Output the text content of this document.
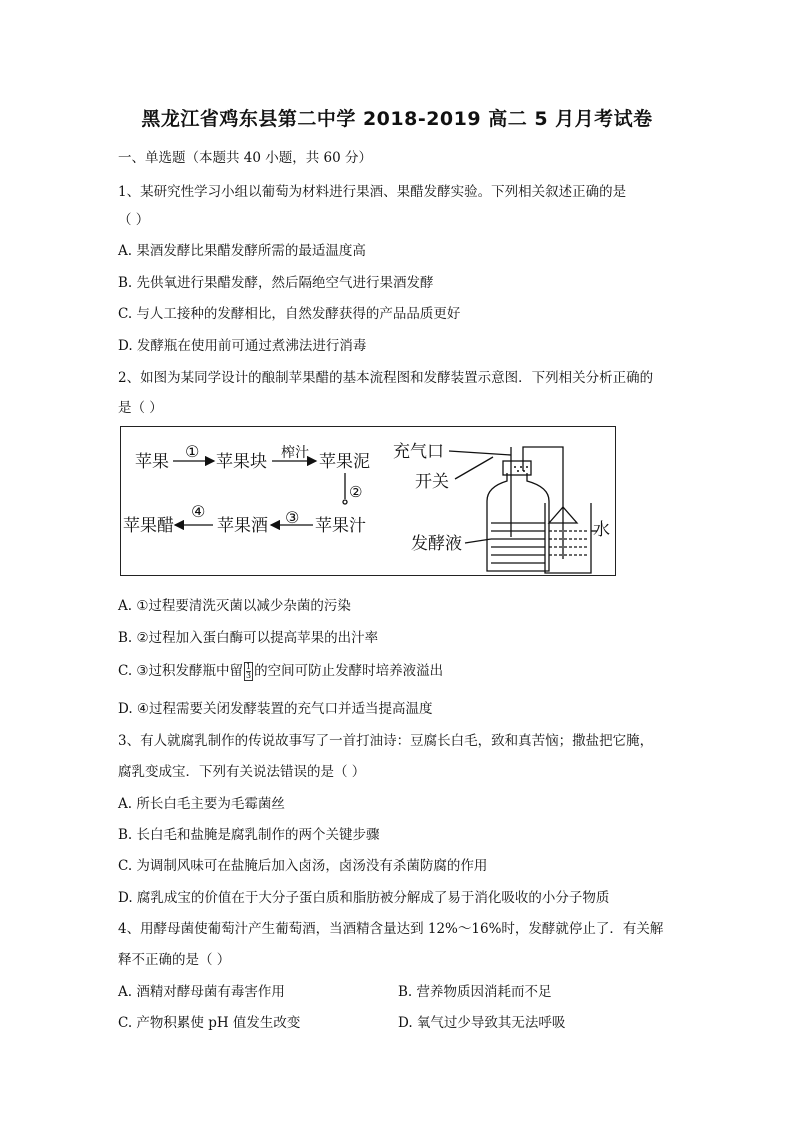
黑龙江省鸡东县第二中学 2018-2019 高二 5 月月考试卷
一、单选题（本题共 40 小题，共 60 分）
1、某研究性学习小组以葡萄为材料进行果酒、果醋发酵实验。下列相关叙述正确的是
（ ）
A. 果酒发酵比果醋发酵所需的最适温度高
B. 先供氧进行果醋发酵，然后隔绝空气进行果酒发酵
C. 与人工接种的发酵相比，自然发酵获得的产品品质更好
D. 发酵瓶在使用前可通过煮沸法进行消毒
2、如图为某同学设计的酿制苹果醋的基本流程图和发酵装置示意图．下列相关分析正确的
是（ ）
苹果	苹果块 榨汁 苹果泥
苹果汁
苹果酒
苹果醋
①
②
③
④
充气口
开关
发酵液
水
A. ①过程要清洗灭菌以减少杂菌的污染
B. ②过程加入蛋白酶可以提高苹果的出汁率
C. ③过积发酵瓶中留 $\frac{1}{3}$ 的空间可防止发酵时培养液溢出
D. ④过程需要关闭发酵装置的充气口并适当提高温度
3、有人就腐乳制作的传说故事写了一首打油诗：豆腐长白毛，致和真苦恼；撒盐把它腌，
腐乳变成宝．下列有关说法错误的是（ ）
A. 所长白毛主要为毛霉菌丝
B. 长白毛和盐腌是腐乳制作的两个关键步骤
C. 为调制风味可在盐腌后加入卤汤，卤汤没有杀菌防腐的作用
D. 腐乳成宝的价值在于大分子蛋白质和脂肪被分解成了易于消化吸收的小分子物质
4、用酵母菌使葡萄汁产生葡萄酒，当酒精含量达到 12%～16%时，发酵就停止了．有关解
释不正确的是（ ）
A. 酒精对酵母菌有毒害作用	B. 营养物质因消耗而不足
C. 产物积累使 pH 值发生改变	D. 氧气过少导致其无法呼吸
